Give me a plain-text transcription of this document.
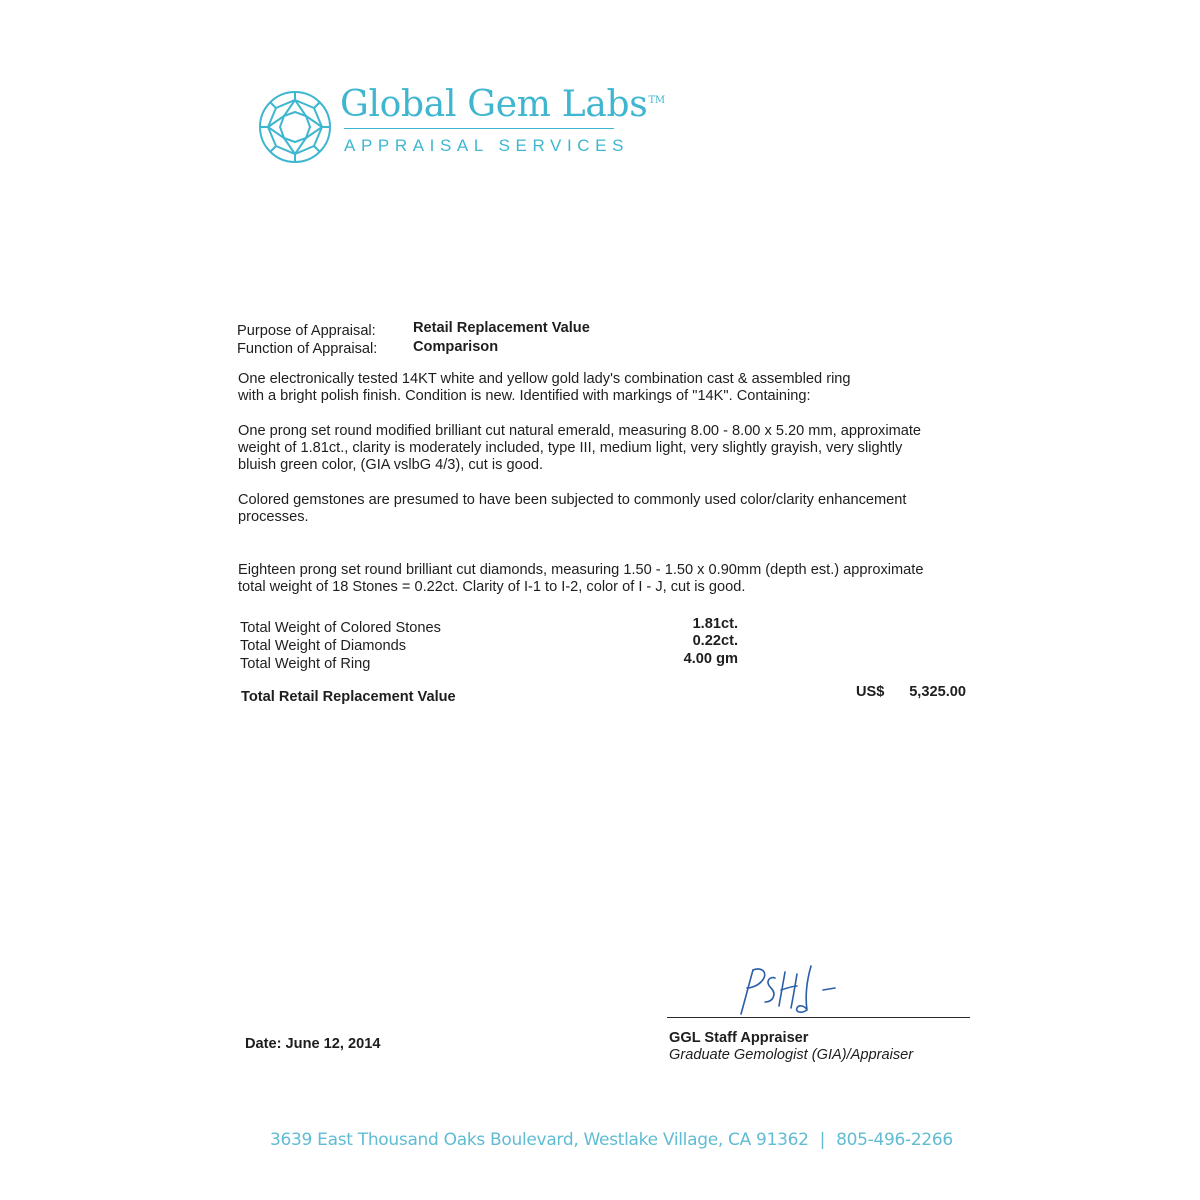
Global Gem Labs™
APPRAISAL SERVICES
Purpose of Appraisal:	Retail Replacement Value
Function of Appraisal: Comparison
One electronically tested 14KT white and yellow gold lady's combination cast & assembled ring
with a bright polish finish. Condition is new. Identified with markings of "14K". Containing:
One prong set round modified brilliant cut natural emerald, measuring 8.00 - 8.00 x 5.20 mm, approximate
weight of 1.81ct., clarity is moderately included, type III, medium light, very slightly grayish, very slightly
bluish green color, (GIA vslbG 4/3), cut is good.
Colored gemstones are presumed to have been subjected to commonly used color/clarity enhancement
processes.
Eighteen prong set round brilliant cut diamonds, measuring 1.50 - 1.50 x 0.90mm (depth est.) approximate
total weight of 18 Stones = 0.22ct. Clarity of I-1 to I-2, color of I - J, cut is good.
Total Weight of Colored Stones	1.81ct.
Total Weight of Diamonds	0.22ct.
Total Weight of Ring	4.00 gm
Total Retail Replacement Value	US$	5,325.00
Date: June 12, 2014	GGL Staff Appraiser
Graduate Gemologist (GIA)/Appraiser
3639 East Thousand Oaks Boulevard, Westlake Village, CA 91362 | 805-496-2266
